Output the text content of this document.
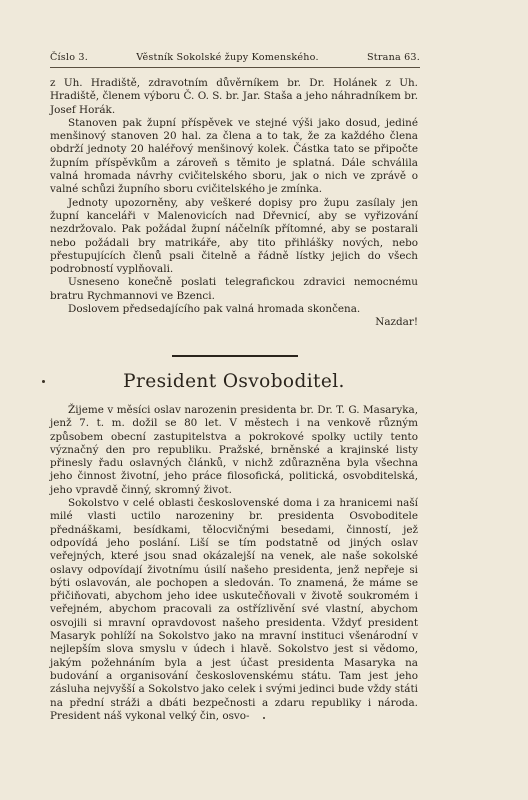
Číslo 3.	Věstník Sokolské župy Komenského.	Strana 63.

z Uh. Hradiště, zdravotním důvěrníkem br. Dr. Holánek z Uh. Hradiště, členem výboru Č. O. S. br. Jar. Staša a jeho náhradníkem br. Josef Horák.

Stanoven pak župní příspěvek ve stejné výši jako dosud, jediné menšinový stanoven 20 hal. za člena a to tak, že za každého člena obdrží jednoty 20 haléřový menšinový kolek. Částka tato se připočte župním příspěvkům a zároveň s těmito je splatná. Dále schválila valná hromada návrhy cvičitelského sboru, jak o nich ve zprávě o valné schůzi župního sboru cvičitelského je zmínka.

Jednoty upozorněny, aby veškeré dopisy pro župu zasílaly jen župní kanceláři v Malenovicích nad Dřevnicí, aby se vyřizování nezdržovalo. Pak požádal župní náčelník přítomné, aby se postarali nebo požádali bry matrikáře, aby tito přihlášky nových, nebo přestupujících členů psali čitelně a řádně lístky jejich do všech podrobností vyplňovali.

Usneseno konečně poslati telegrafickou zdravici nemocnému bratru Rychmannovi ve Bzenci.

Doslovem předsedajícího pak valná hromada skončena.

Nazdar!

President Osvoboditel.

Žijeme v měsíci oslav narozenin presidenta br. Dr. T. G. Masaryka, jenž 7. t. m. dožil se 80 let. V městech i na venkově různým způsobem obecní zastupitelstva a pokrokové spolky uctily tento význačný den pro republiku. Pražské, brněnské a krajinské listy přinesly řadu oslavných článků, v nichž zdůrazněna byla všechna jeho činnost životní, jeho práce filosofická, politická, osvobditelská, jeho vpravdě činný, skromný život.

Sokolstvo v celé oblasti československé doma i za hranicemi naší milé vlasti uctilo narozeniny br. presidenta Osvoboditele přednáškami, besídkami, tělocvičnými besedami, činností, jež odpovídá jeho poslání. Liší se tím podstatně od jiných oslav veřejných, které jsou snad okázalejší na venek, ale naše sokolské oslavy odpovídají životnímu úsilí našeho presidenta, jenž nepřeje si býti oslavován, ale pochopen a sledován. To znamená, že máme se přičiňovati, abychom jeho idee uskutečňovali v životě soukromém i veřejném, abychom pracovali za ostřízlivění své vlastní, abychom osvojili si mravní opravdovost našeho presidenta. Vždyť president Masaryk pohlíží na Sokolstvo jako na mravní instituci všenárodní v nejlepším slova smyslu v údech i hlavě. Sokolstvo jest si vědomo, jakým požehnáním byla a jest účast presidenta Masaryka na budování a organisování československému státu. Tam jest jeho zásluha nejvyšší a Sokolstvo jako celek i svými jedinci bude vždy státi na přední stráži a dbáti bezpečnosti a zdaru republiky i národa. President náš vykonal velký čin, osvo-
